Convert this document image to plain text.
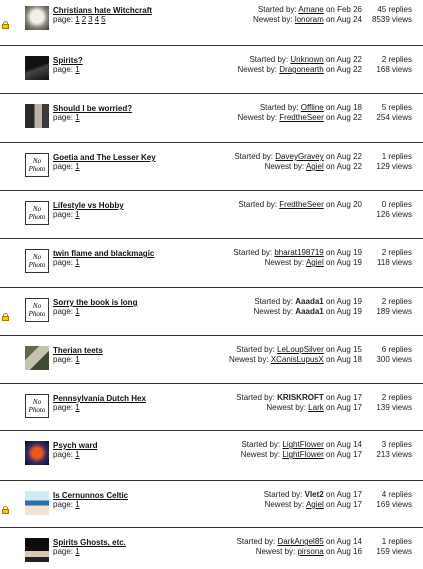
Christians hate Witchcraft
page: 1 2 3 4 5
Started by: Amane on Feb 26
Newest by: lonoram on Aug 24
45 replies
8539 views
Spirits?
page: 1
Started by: Unknown on Aug 22
Newest by: Dragonearth on Aug 22
2 replies
168 views
Should I be worried?
page: 1
Started by: Offline on Aug 18
Newest by: FredtheSeer on Aug 22
5 replies
254 views
No
Photo
Goetia and The Lesser Key
page: 1
Started by: DaveyGravey on Aug 22
Newest by: Agiel on Aug 22
1 replies
129 views
No
Photo
Lifestyle vs Hobby
page: 1
Started by: FredtheSeer on Aug 20	0 replies
126 views
No
Photo
twin flame and blackmagic
page: 1
Started by: bharat198719 on Aug 19
Newest by: Agiel on Aug 19
2 replies
118 views
No
Photo
Sorry the book is long
page: 1
Started by: Aaada1 on Aug 19
Newest by: Aaada1 on Aug 19
2 replies
189 views
Therian teets
page: 1
Started by: LeLoupSilver on Aug 15
Newest by: XCanisLupusX on Aug 18
6 replies
300 views
No
Photo
Pennsylvania Dutch Hex
page: 1
Started by: KRISKROFT on Aug 17
Newest by: Lark on Aug 17
2 replies
139 views
Psych ward
page: 1
Started by: LightFlower on Aug 14
Newest by: LightFlower on Aug 17
3 replies
213 views
Is Cernunnos Celtic
page: 1
Started by: Vlet2 on Aug 17
Newest by: Agiel on Aug 17
4 replies
169 views
Spirits Ghosts, etc.
page: 1
Started by: DarkAngel85 on Aug 14
Newest by: pirsona on Aug 16
1 replies
159 views
